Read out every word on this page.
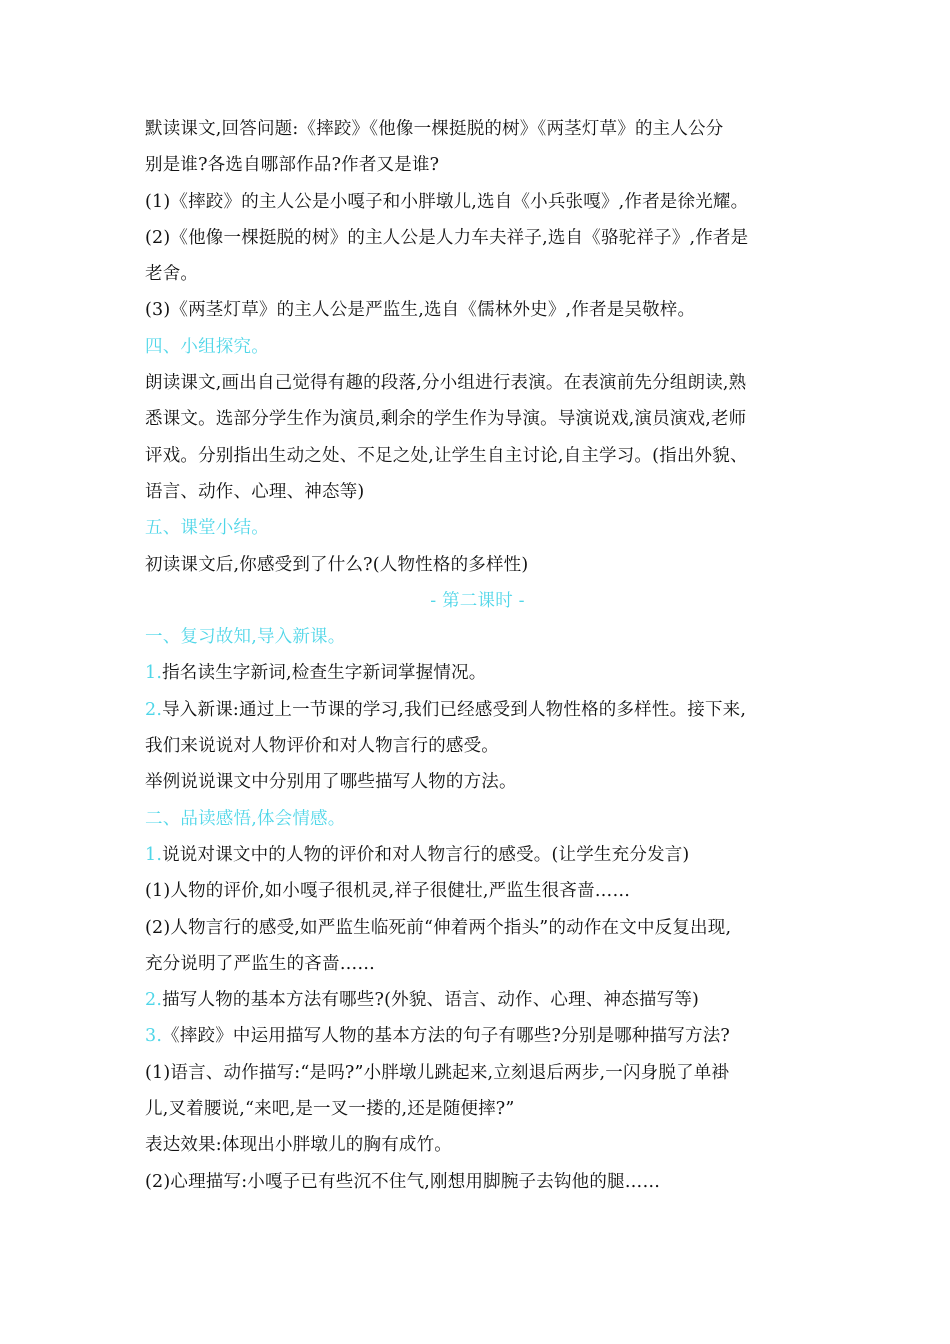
默读课文,回答问题:《摔跤》《他像一棵挺脱的树》《两茎灯草》的主人公分
别是谁?各选自哪部作品?作者又是谁?
(1)《摔跤》的主人公是小嘎子和小胖墩儿,选自《小兵张嘎》,作者是徐光耀。
(2)《他像一棵挺脱的树》的主人公是人力车夫祥子,选自《骆驼祥子》,作者是
老舍。
(3)《两茎灯草》的主人公是严监生,选自《儒林外史》,作者是吴敬梓。
四、小组探究。
朗读课文,画出自己觉得有趣的段落,分小组进行表演。在表演前先分组朗读,熟
悉课文。选部分学生作为演员,剩余的学生作为导演。导演说戏,演员演戏,老师
评戏。分别指出生动之处、不足之处,让学生自主讨论,自主学习。(指出外貌、
语言、动作、心理、神态等)
五、课堂小结。
初读课文后,你感受到了什么?(人物性格的多样性)
- 第二课时 -
一、复习故知,导入新课。
1.指名读生字新词,检查生字新词掌握情况。
2.导入新课:通过上一节课的学习,我们已经感受到人物性格的多样性。接下来,
我们来说说对人物评价和对人物言行的感受。
举例说说课文中分别用了哪些描写人物的方法。
二、品读感悟,体会情感。
1.说说对课文中的人物的评价和对人物言行的感受。(让学生充分发言)
(1)人物的评价,如小嘎子很机灵,祥子很健壮,严监生很吝啬……
(2)人物言行的感受,如严监生临死前“伸着两个指头”的动作在文中反复出现,
充分说明了严监生的吝啬……
2.描写人物的基本方法有哪些?(外貌、语言、动作、心理、神态描写等)
3.《摔跤》中运用描写人物的基本方法的句子有哪些?分别是哪种描写方法?
(1)语言、动作描写:“是吗?”小胖墩儿跳起来,立刻退后两步,一闪身脱了单褂
儿,叉着腰说,“来吧,是一叉一搂的,还是随便摔?”
表达效果:体现出小胖墩儿的胸有成竹。
(2)心理描写:小嘎子已有些沉不住气,刚想用脚腕子去钩他的腿……
